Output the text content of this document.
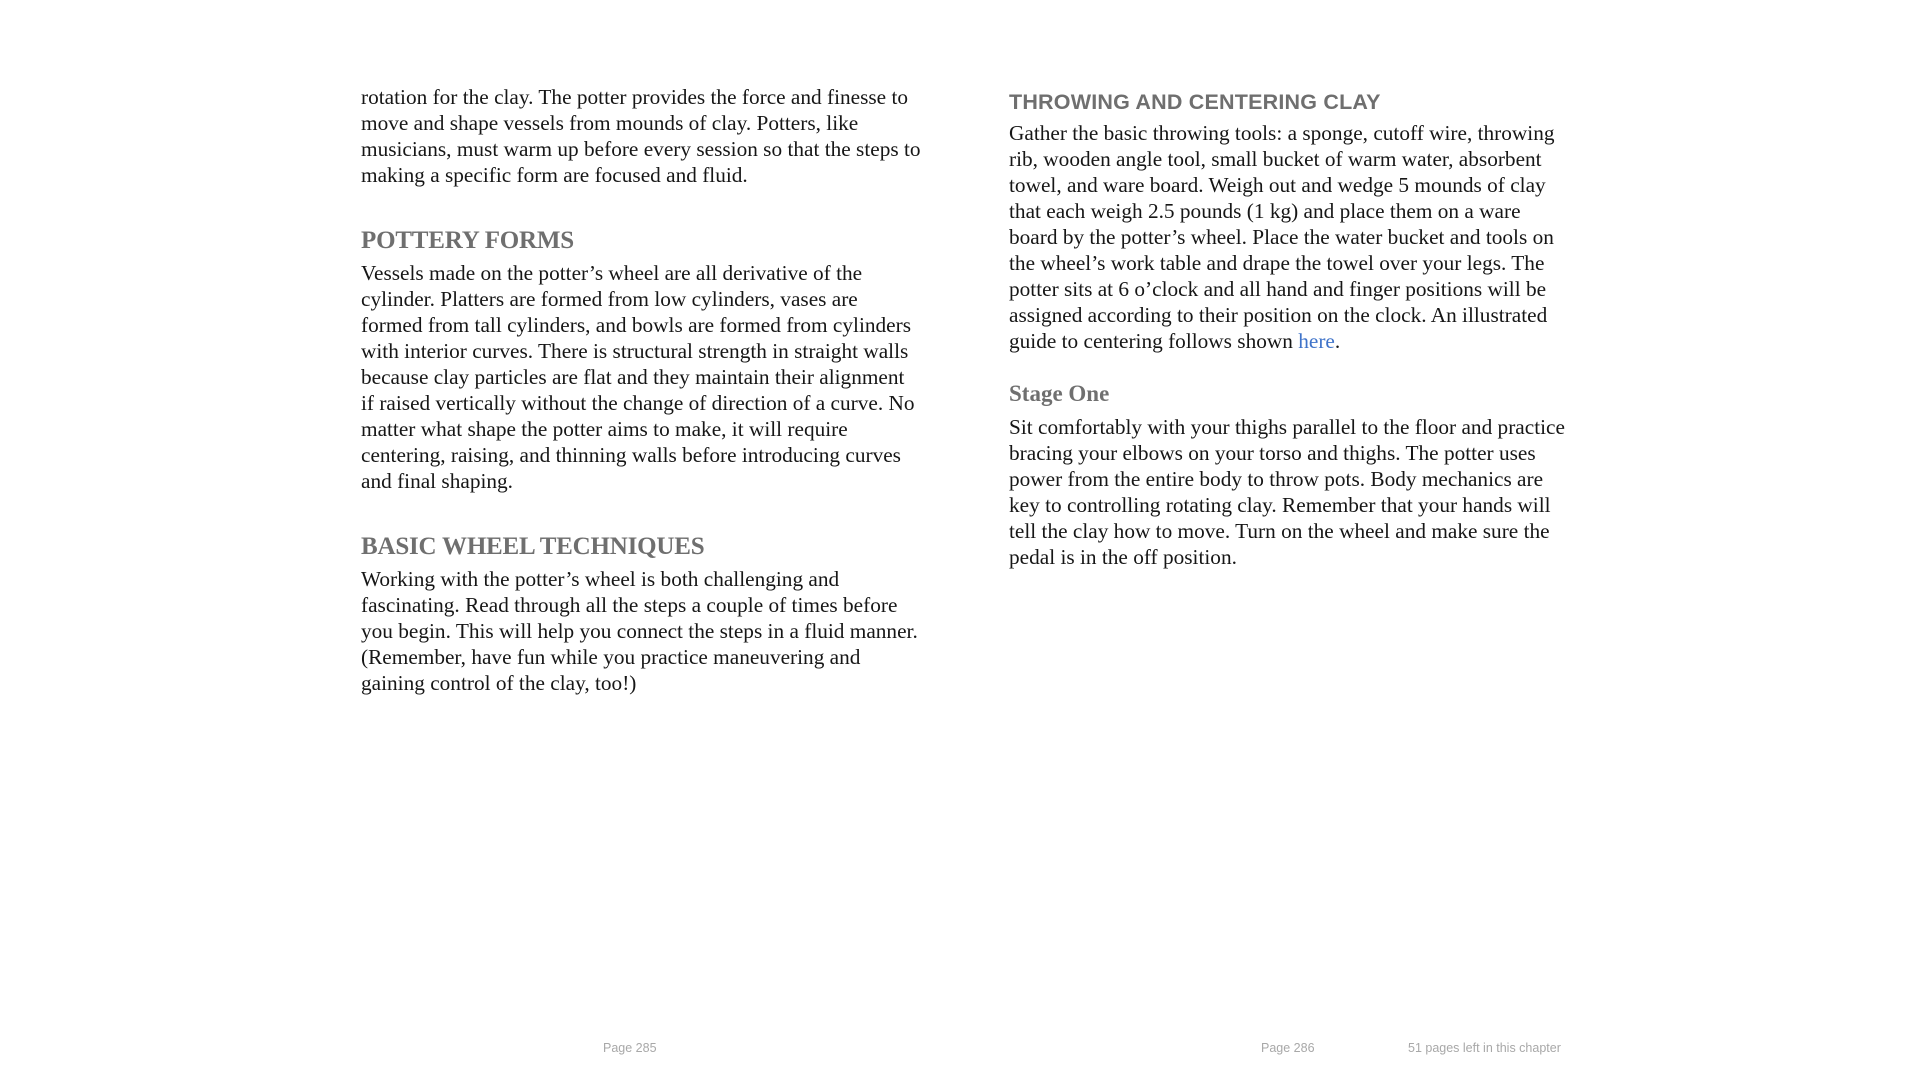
rotation for the clay. The potter provides the force and finesse to move and shape vessels from mounds of clay. Potters, like musicians, must warm up before every session so that the steps to making a specific form are focused and fluid.

POTTERY FORMS

Vessels made on the potter’s wheel are all derivative of the cylinder. Platters are formed from low cylinders, vases are formed from tall cylinders, and bowls are formed from cylinders with interior curves. There is structural strength in straight walls because clay particles are flat and they maintain their alignment if raised vertically without the change of direction of a curve. No matter what shape the potter aims to make, it will require centering, raising, and thinning walls before introducing curves and final shaping.

BASIC WHEEL TECHNIQUES

Working with the potter’s wheel is both challenging and fascinating. Read through all the steps a couple of times before you begin. This will help you connect the steps in a fluid manner. (Remember, have fun while you practice maneuvering and gaining control of the clay, too!)

THROWING AND CENTERING CLAY

Gather the basic throwing tools: a sponge, cutoff wire, throwing rib, wooden angle tool, small bucket of warm water, absorbent towel, and ware board. Weigh out and wedge 5 mounds of clay that each weigh 2.5 pounds (1 kg) and place them on a ware board by the potter’s wheel. Place the water bucket and tools on the wheel’s work table and drape the towel over your legs. The potter sits at 6 o’clock and all hand and finger positions will be assigned according to their position on the clock. An illustrated guide to centering follows shown here.

Stage One

Sit comfortably with your thighs parallel to the floor and practice bracing your elbows on your torso and thighs. The potter uses power from the entire body to throw pots. Body mechanics are key to controlling rotating clay. Remember that your hands will tell the clay how to move. Turn on the wheel and make sure the pedal is in the off position.

Page 285	Page 286	51 pages left in this chapter
